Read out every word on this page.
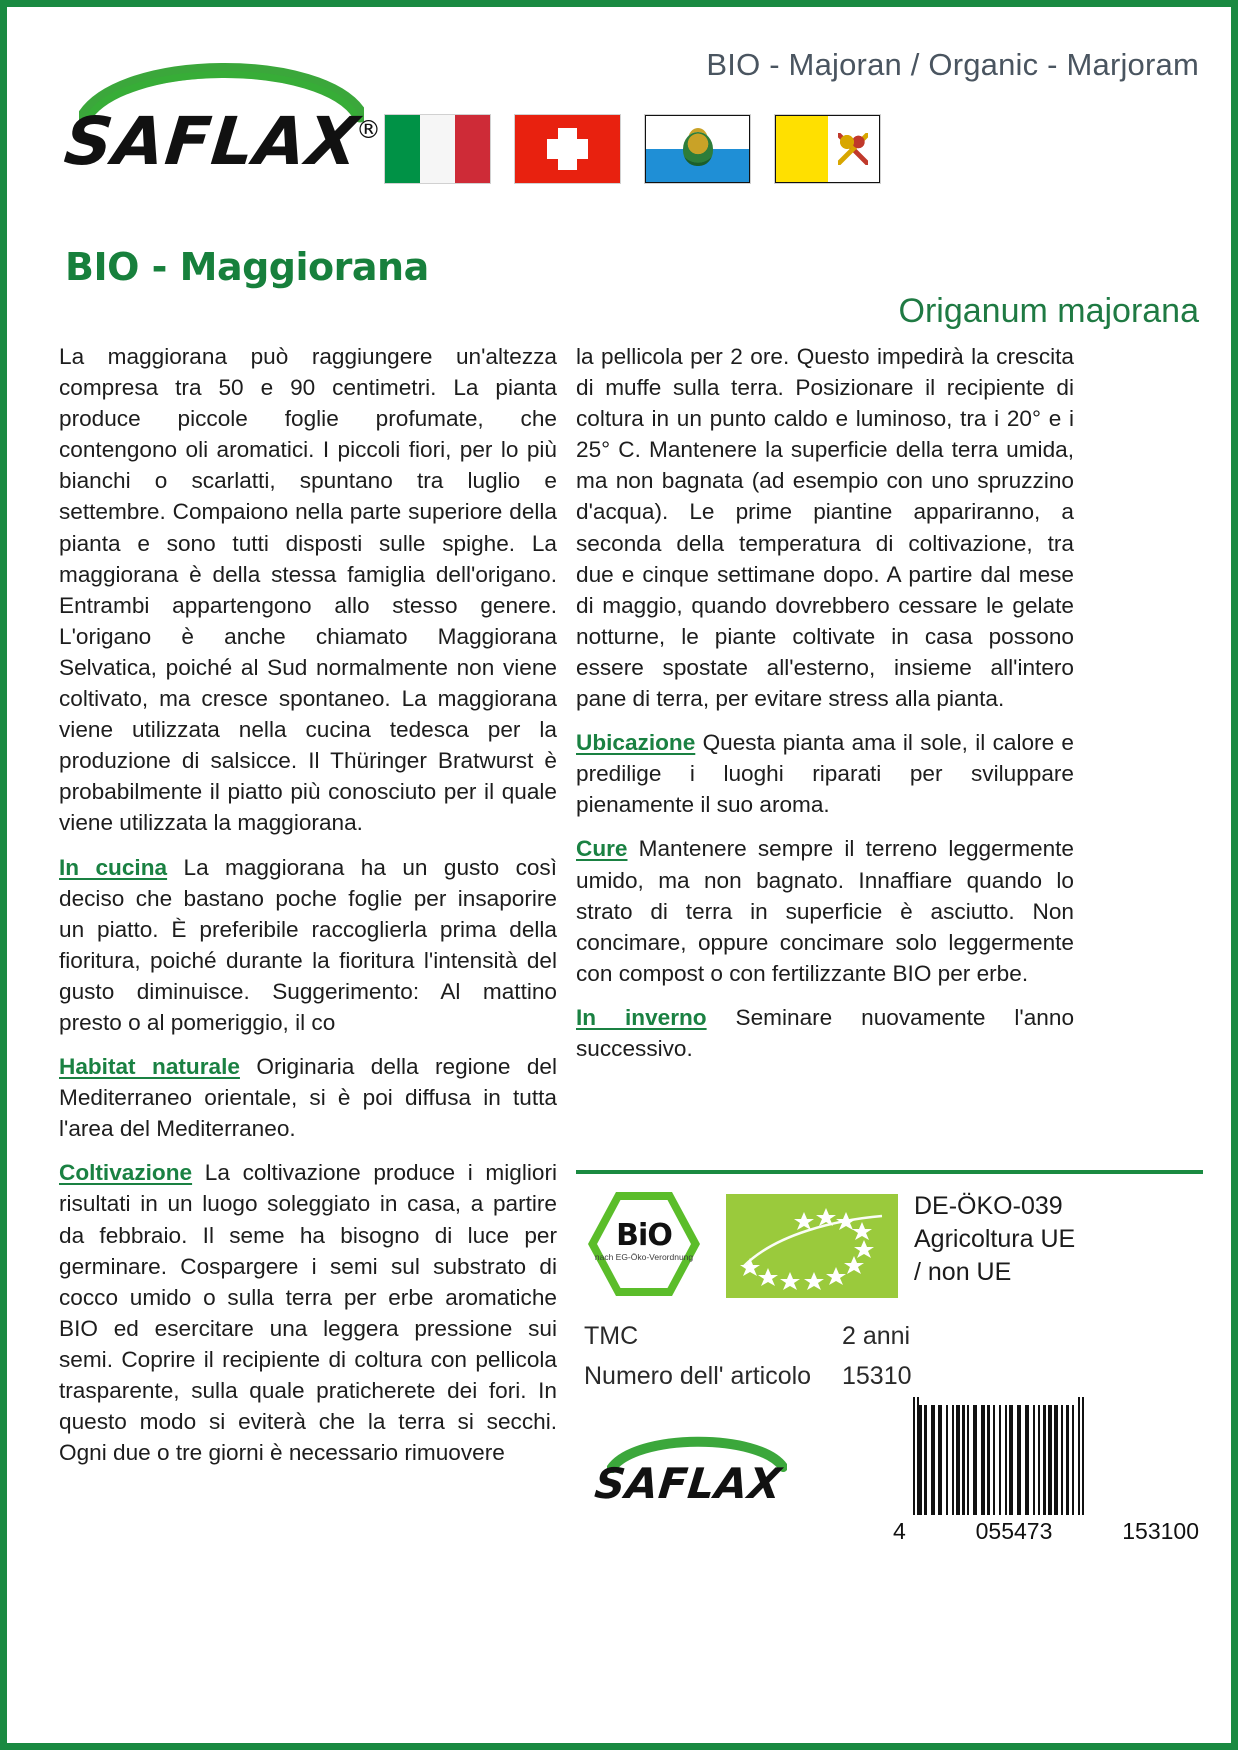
SAFLAX
®
BIO - Majoran / Organic - Marjoram
BIO - Maggiorana
Origanum majorana

La maggiorana può raggiungere un'altezza compresa tra 50 e 90 centimetri. La pianta produce piccole foglie profumate, che contengono oli aromatici. I piccoli fiori, per lo più bianchi o scarlatti, spuntano tra luglio e settembre. Compaiono nella parte superiore della pianta e sono tutti disposti sulle spighe. La maggiorana è della stessa famiglia dell'origano. Entrambi appartengono allo stesso genere. L'origano è anche chiamato Maggiorana Selvatica, poiché al Sud normalmente non viene coltivato, ma cresce spontaneo. La maggiorana viene utilizzata nella cucina tedesca per la produzione di salsicce. Il Thüringer Bratwurst è probabilmente il piatto più conosciuto per il quale viene utilizzata la maggiorana.

In cucina La maggiorana ha un gusto così deciso che bastano poche foglie per insaporire un piatto. È preferibile raccoglierla prima della fioritura, poiché durante la fioritura l'intensità del gusto diminuisce. Suggerimento: Al mattino presto o al pomeriggio, il co

Habitat naturale Originaria della regione del Mediterraneo orientale, si è poi diffusa in tutta l'area del Mediterraneo.

Coltivazione La coltivazione produce i migliori risultati in un luogo soleggiato in casa, a partire da febbraio. Il seme ha bisogno di luce per germinare. Cospargere i semi sul substrato di cocco umido o sulla terra per erbe aromatiche BIO ed esercitare una leggera pressione sui semi. Coprire il recipiente di coltura con pellicola trasparente, sulla quale praticherete dei fori. In questo modo si eviterà che la terra si secchi. Ogni due o tre giorni è necessario rimuovere

la pellicola per 2 ore. Questo impedirà la crescita di muffe sulla terra. Posizionare il recipiente di coltura in un punto caldo e luminoso, tra i 20° e i 25° C. Mantenere la superficie della terra umida, ma non bagnata (ad esempio con uno spruzzino d'acqua). Le prime piantine appariranno, a seconda della temperatura di coltivazione, tra due e cinque settimane dopo. A partire dal mese di maggio, quando dovrebbero cessare le gelate notturne, le piante coltivate in casa possono essere spostate all'esterno, insieme all'intero pane di terra, per evitare stress alla pianta.

Ubicazione Questa pianta ama il sole, il calore e predilige i luoghi riparati per sviluppare pienamente il suo aroma.

Cure Mantenere sempre il terreno leggermente umido, ma non bagnato. Innaffiare quando lo strato di terra in superficie è asciutto. Non concimare, oppure concimare solo leggermente con compost o con fertilizzante BIO per erbe.

In inverno Seminare nuovamente l'anno successivo.

BiO
nach EG-Öko-Verordnung
DE-ÖKO-039
Agricoltura UE
/ non UE
TMC	2 anni
Numero dell' articolo 15310
SAFLAX
4	055473	153100
